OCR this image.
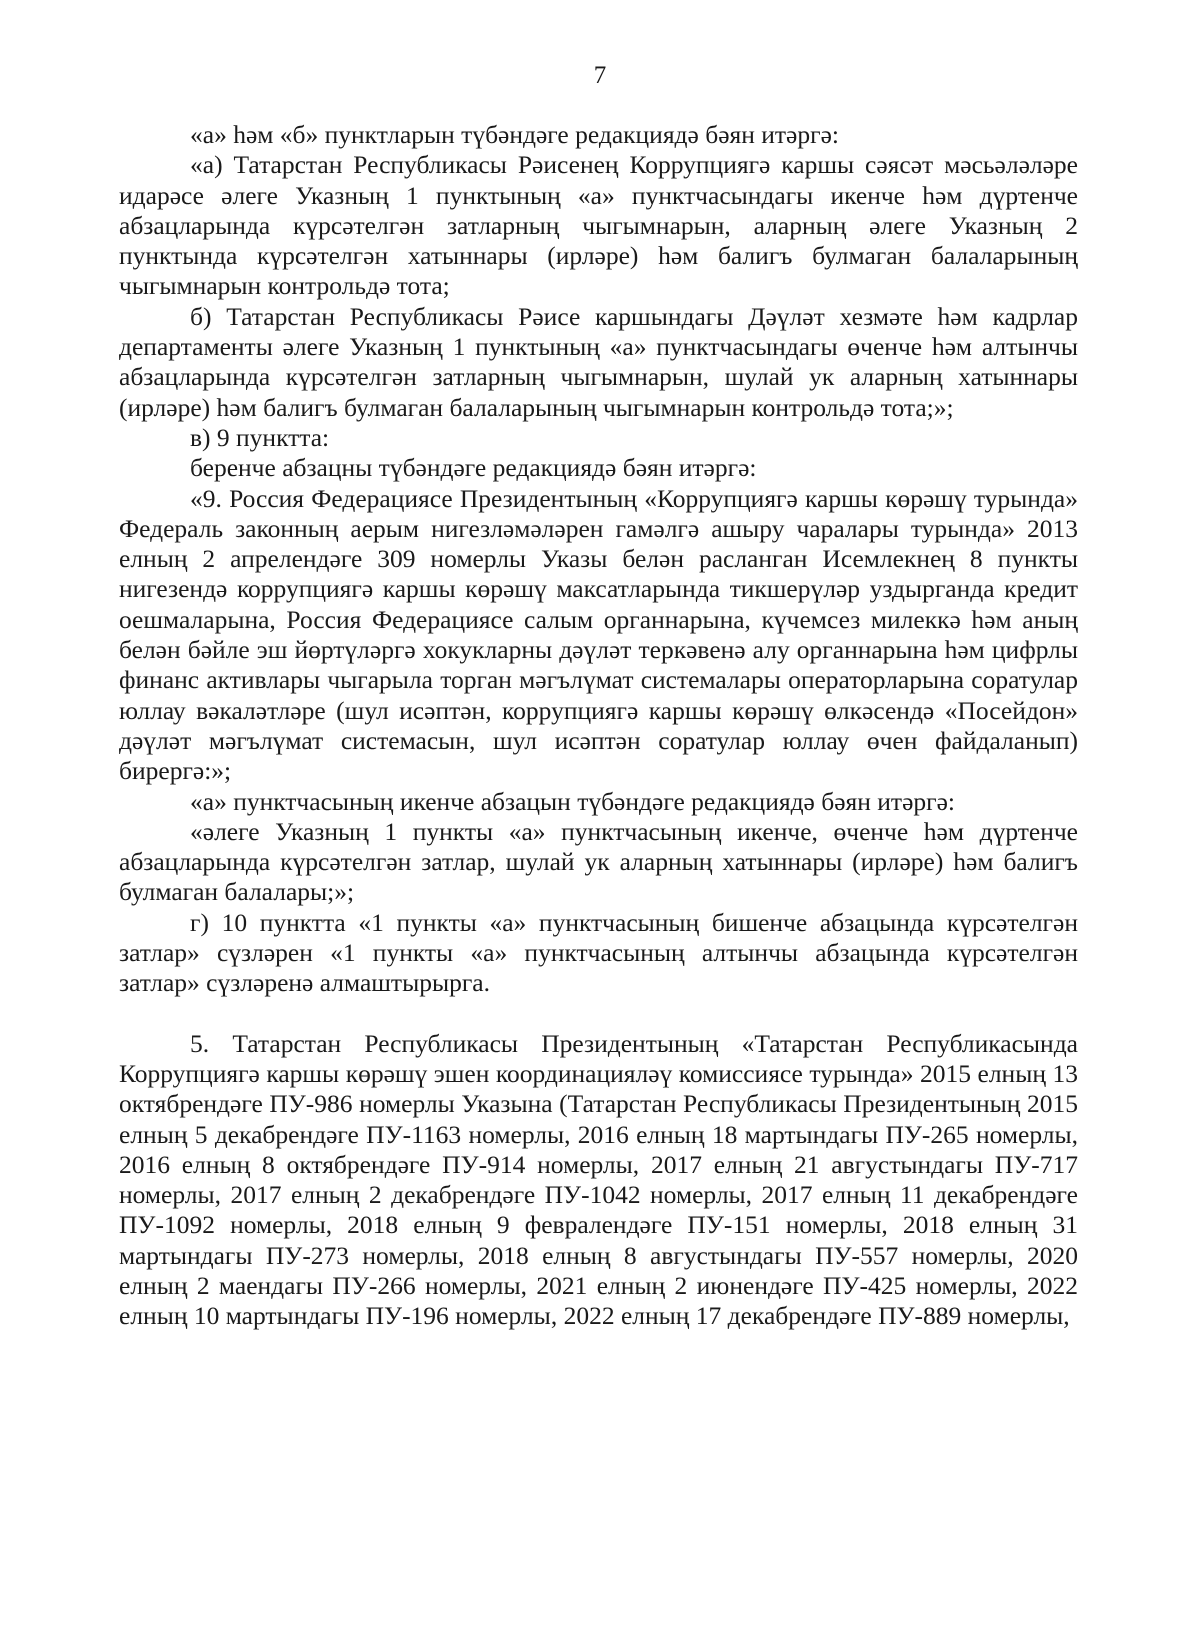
7

«а» һәм «б» пунктларын түбәндәге редакциядә бәян итәргә:

«а) Татарстан Республикасы Рәисенең Коррупциягә каршы сәясәт мәсьәләләре идарәсе әлеге Указның 1 пунктының «а» пунктчасындагы икенче һәм дүртенче абзацларында күрсәтелгән затларның чыгымнарын, аларның әлеге Указның 2 пунктында күрсәтелгән хатыннары (ирләре) һәм балигъ булмаган балаларының чыгымнарын контрольдә тота;

б) Татарстан Республикасы Рәисе каршындагы Дәүләт хезмәте һәм кадрлар департаменты әлеге Указның 1 пунктының «а» пунктчасындагы өченче һәм алтынчы абзацларында күрсәтелгән затларның чыгымнарын, шулай ук аларның хатыннары (ирләре) һәм балигъ булмаган балаларының чыгымнарын контрольдә тота;»;

в) 9 пунктта:

беренче абзацны түбәндәге редакциядә бәян итәргә:

«9. Россия Федерациясе Президентының «Коррупциягә каршы көрәшү турында» Федераль законның аерым нигезләмәләрен гамәлгә ашыру чаралары турында» 2013 елның 2 апрелендәге 309 номерлы Указы белән расланган Исемлекнең 8 пункты нигезендә коррупциягә каршы көрәшү максатларында тикшерүләр уздырганда кредит оешмаларына, Россия Федерациясе салым органнарына, күчемсез милеккә һәм аның белән бәйле эш йөртүләргә хокукларны дәүләт теркәвенә алу органнарына һәм цифрлы финанс активлары чыгарыла торган мәгълүмат системалары операторларына соратулар юллау вәкаләтләре (шул исәптән, коррупциягә каршы көрәшү өлкәсендә «Посейдон» дәүләт мәгълүмат системасын, шул исәптән соратулар юллау өчен файдаланып) бирергә:»;

«а» пунктчасының икенче абзацын түбәндәге редакциядә бәян итәргә:

«әлеге Указның 1 пункты «а» пунктчасының икенче, өченче һәм дүртенче абзацларында күрсәтелгән затлар, шулай ук аларның хатыннары (ирләре) һәм балигъ булмаган балалары;»;

г) 10 пунктта «1 пункты «а» пунктчасының бишенче абзацында күрсәтелгән затлар» сүзләрен «1 пункты «а» пунктчасының алтынчы абзацында күрсәтелгән затлар» сүзләренә алмаштырырга.

5. Татарстан Республикасы Президентының «Татарстан Республикасында Коррупциягә каршы көрәшү эшен координацияләү комиссиясе турында» 2015 елның 13 октябрендәге ПУ-986 номерлы Указына (Татарстан Республикасы Президентының 2015 елның 5 декабрендәге ПУ-1163 номерлы, 2016 елның 18 мартындагы ПУ-265 номерлы, 2016 елның 8 октябрендәге ПУ-914 номерлы, 2017 елның 21 августындагы ПУ-717 номерлы, 2017 елның 2 декабрендәге ПУ-1042 номерлы, 2017 елның 11 декабрендәге ПУ-1092 номерлы, 2018 елның 9 февралендәге ПУ-151 номерлы, 2018 елның 31 мартындагы ПУ-273 номерлы, 2018 елның 8 августындагы ПУ-557 номерлы, 2020 елның 2 маендагы ПУ-266 номерлы, 2021 елның 2 июнендәге ПУ-425 номерлы, 2022 елның 10 мартындагы ПУ-196 номерлы, 2022 елның 17 декабрендәге ПУ-889 номерлы,
